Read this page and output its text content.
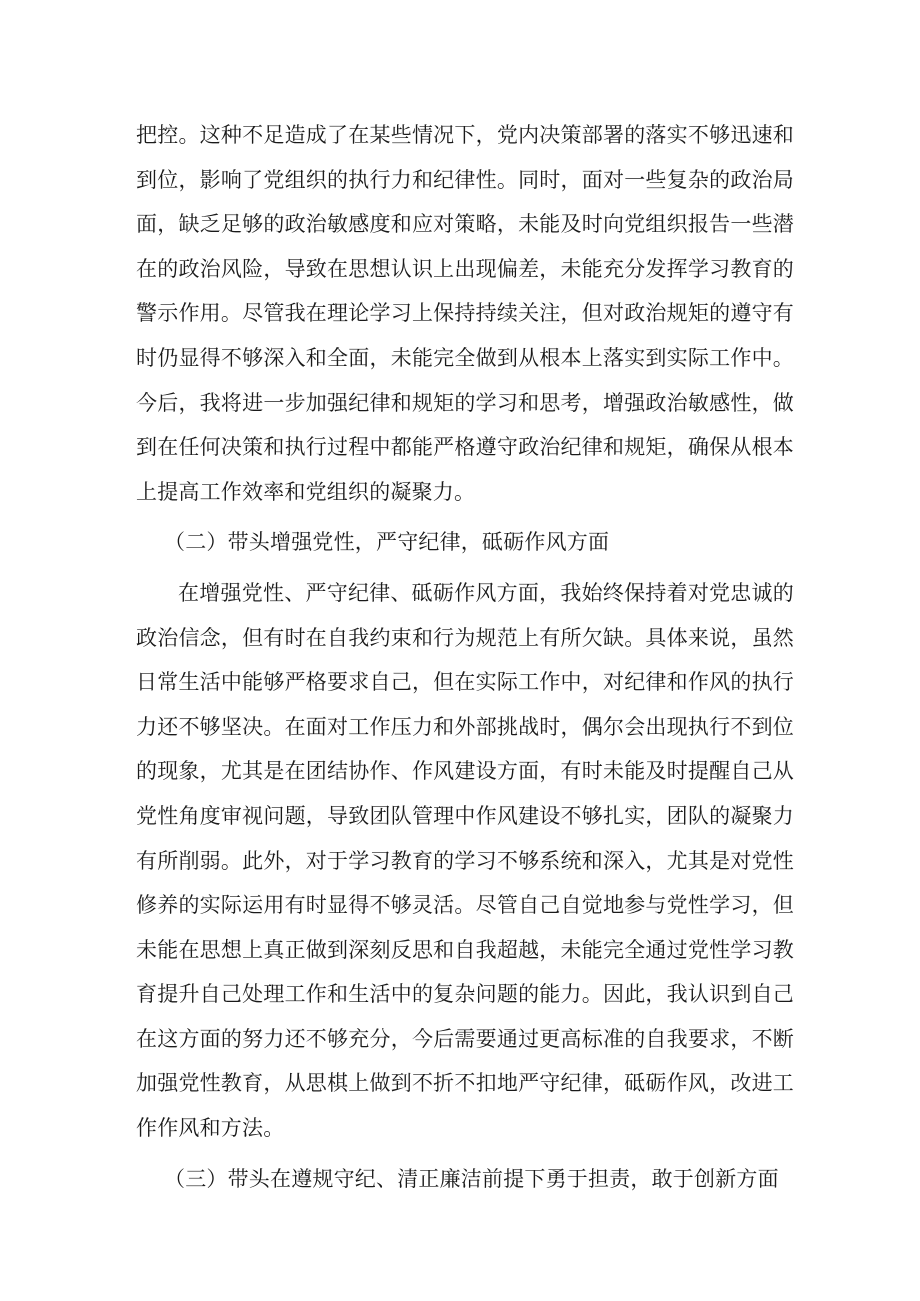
把控。这种不足造成了在某些情况下，党内决策部署的落实不够迅速和到位，影响了党组织的执行力和纪律性。同时，面对一些复杂的政治局面，缺乏足够的政治敏感度和应对策略，未能及时向党组织报告一些潜在的政治风险，导致在思想认识上出现偏差，未能充分发挥学习教育的警示作用。尽管我在理论学习上保持持续关注，但对政治规矩的遵守有时仍显得不够深入和全面，未能完全做到从根本上落实到实际工作中。今后，我将进一步加强纪律和规矩的学习和思考，增强政治敏感性，做到在任何决策和执行过程中都能严格遵守政治纪律和规矩，确保从根本上提高工作效率和党组织的凝聚力。

（二）带头增强党性，严守纪律，砥砺作风方面

在增强党性、严守纪律、砥砺作风方面，我始终保持着对党忠诚的政治信念，但有时在自我约束和行为规范上有所欠缺。具体来说，虽然日常生活中能够严格要求自己，但在实际工作中，对纪律和作风的执行力还不够坚决。在面对工作压力和外部挑战时，偶尔会出现执行不到位的现象，尤其是在团结协作、作风建设方面，有时未能及时提醒自己从党性角度审视问题，导致团队管理中作风建设不够扎实，团队的凝聚力有所削弱。此外，对于学习教育的学习不够系统和深入，尤其是对党性修养的实际运用有时显得不够灵活。尽管自己自觉地参与党性学习，但未能在思想上真正做到深刻反思和自我超越，未能完全通过党性学习教育提升自己处理工作和生活中的复杂问题的能力。因此，我认识到自己在这方面的努力还不够充分，今后需要通过更高标准的自我要求，不断加强党性教育，从思棋上做到不折不扣地严守纪律，砥砺作风，改进工作作风和方法。

（三）带头在遵规守纪、清正廉洁前提下勇于担责，敢于创新方面
